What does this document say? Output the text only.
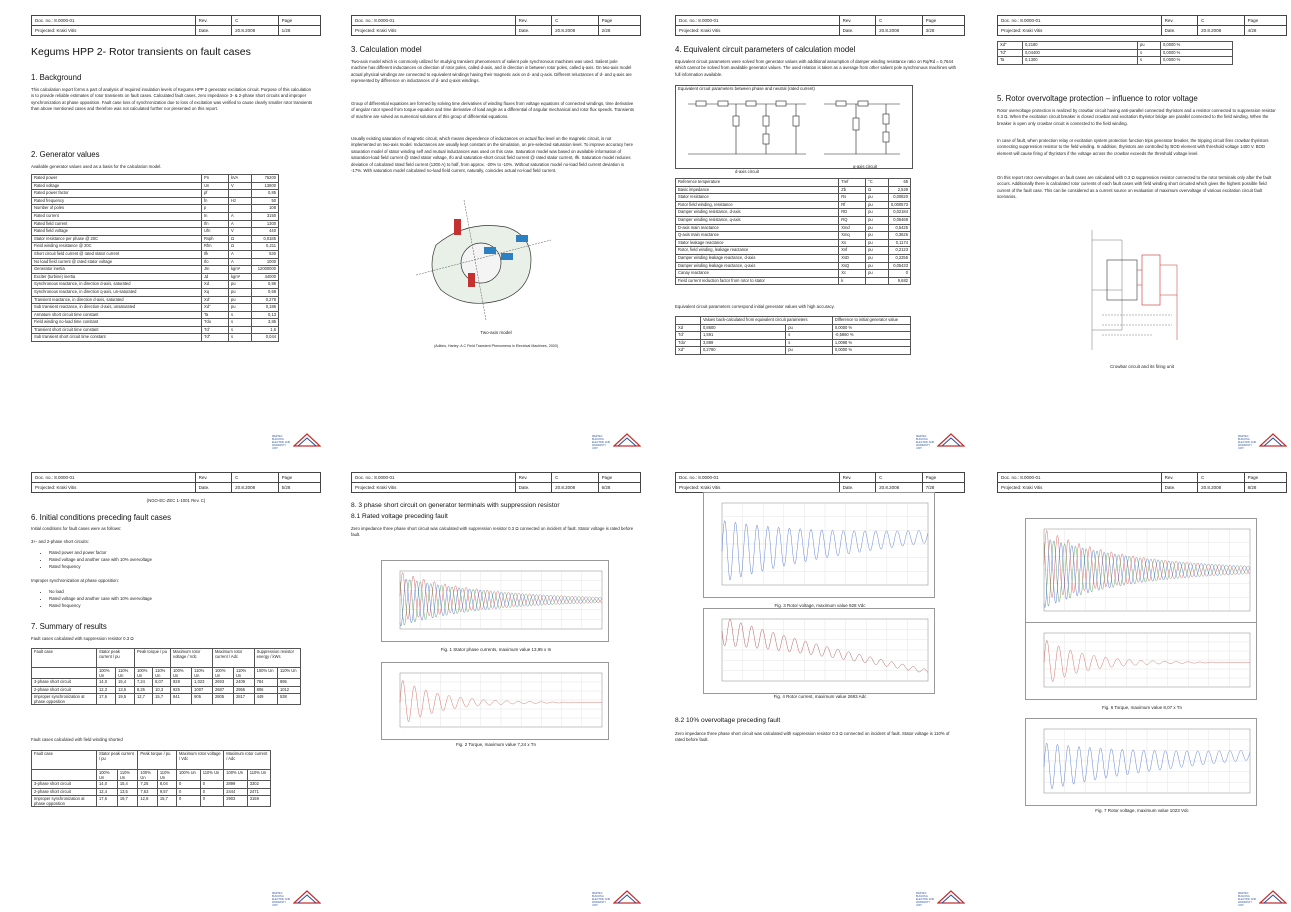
Doc. no.: 8.0000-01	Rev.	C	Page
Projected: Kraki Vitis	Date.	20.8.2008	1/28
Kegums HPP 2- Rotor transients on fault cases
1. Background

This calculation report forms a part of analysis of required insulation levels of Kegums HPP 2 generator excitation circuit. Purpose of this calculation is to provide reliable estimates of rotor transients on fault cases. Calculated fault cases, zero impedance 3- & 2-phase short circuits and improper synchronization at phase opposition. Fault case loss of synchronization due to loss of excitation was verified to cause clearly smaller rotor transients than above mentioned cases and therefore was not calculated further nor presented on this report.

2. Generator values

Available generator values used as a basis for the calculation model.

Rated power	Pn	kVA	75200
Rated voltage	Un	V	13800
Rated power factor	pf		0,85
Rated frequency	fn	Hz	50
Number of poles	p		108
Rated current	In	A	3150
Rated field current	Ifn	A	1300
Rated field voltage	Ufn	V	440
Stator resistance per phase @ 20C	Rsph	Ω	0,0185
Field winding resistance @ 20C	Rfm	Ω	0,211
Short circuit field current @ rated stator current	Ifk	A	530
No load field current @ rated stator voltage	Ifo	A	1000
Generator inertia	Jm	kgm²	12000000
Exciter (turbine) inertia	Jd	kgm²	44000
Synchronous reactance, in direction d-axis, saturated	Xd	pu	0,86
Synchronous reactance, in direction q-axis, un-saturated	Xq	pu	0,68
Transient reactance, in direction d-axis, saturated	Xd'	pu	0,278
Sub transient reactance, in direction d-axis, unsaturated	Xd"	pu	0,186
Armature short circuit time constant	Ta	s	0,13
Field winding no-load time constant	Tdo	s	3,85
Transient short circuit time constant	Td'	s	1,6
Sub transient short circuit time constant	Td"	s	0,044
MERTEC BUILDING ELECTRIC AND WARRANTY UNIT
Doc. no.: 8.0000-01	Rev.	C	Page
Projected: Kraki Vitis	Date.	20.8.2008	2/28
3. Calculation model

Two-axis model which is commonly utilized for studying transient phenomena's of salient pole synchronous machines was used. Salient pole machine has different inductances on direction of rotor poles, called d-axis, and in direction in between rotor poles, called q-axis. On two-axis model actual physical windings are connected to equivalent windings having their magnetic axis on d- and q-axis. Different reluctances of d- and q-axis are represented by difference on inductances of d- and q-axis windings.

Group of differential equations are formed by solving time derivatives of winding fluxes from voltage equations of connected windings, time derivative of angular rotor speed from torque equation and time derivative of load angle as a differential of angular mechanical and rotor flux speeds. Transients of machine are solved as numerical solutions of this group of differential equations.

Usually existing saturation of magnetic circuit, which means dependence of inductances on actual flux level on the magnetic circuit, is not implemented on two-axis model. Inductances are usually kept constant on the simulation, on pre-selected saturation level. To improve accuracy here saturation model of stator winding self and mutual inductances was used on this case. Saturation model was based on available information of saturation-load field current @ rated stator voltage, Ifo and saturation-short circuit field current @ rated stator current, Ifk. Saturation model reduces deviation of calculated rated field current (1300 A) to half, from approx. -20% to -10%. Without saturation model no-load field current deviation is -17%. With saturation model calculated no-load field current, naturally, coincides actual no-load field current.

Two-axis model
(Adkins, Harley: A C Field Transient Phenomena in Electrical Machines, 2003)
MERTEC BUILDING ELECTRIC AND WARRANTY UNIT
Doc. no.: 8.0000-01	Rev.	C	Page
Projected: Kraki Vitis	Date.	20.8.2008	3/28
4. Equivalent circuit parameters of calculation model

Equivalent circuit parameters were solved from generator values with additional assumption of damper winding resistance ratio on Rq/Rd = 0,7644 which cannot be solved from available generator values. The used relation is taken as a average from other salient pole synchronous machines with full information available.

Equivalent circuit parameters between phase and neutral (rated current)
d-axis circuit
q-axis circuit
Reference temperature	Tref	°C	65
Basic impedance	Zb	Ω	2,529
Stator resistance	Rs	pu	0,00820
Rotor field winding, resistance	Rf	pu	0,000573
Damper winding resistance, d-axis	RD	pu	0,02184
Damper winding resistance, q-axis	RQ	pu	0,05468
D-axis main reactance	Xmd	pu	0,5425
Q-axis main reactance	Xmq	pu	0,3626
Stator leakage reactance	Xs	pu	0,1174
Rotor, field winding, leakage reactance	Xsf	pu	0,2123
Damper winding leakage reactance, d-axis	XsD	pu	0,2255
Damper winding leakage reactance, q-axis	XsQ	pu	0,05433
Canay reactance	Xc	pu	0
Field current reduction factor from rotor to stator	k		9,682

Equivalent circuit parameters correspond initial generator values with high accuracy.

	Values back-calculated from equivalent circuit parameters		Difference to initial generator value
Xd	0,8600	pu	0,0000 %
Td'	1,591	s	-0,5860 %
Tdo'	3,889	s	1,0098 %
Xd"	0,2780	pu	0,0000 %
MERTEC BUILDING ELECTRIC AND WARRANTY UNIT
Doc. no.: 8.0000-01	Rev.	C	Page
Projected: Kraki Vitis	Date.	20.8.2008	4/28
Xd"	0,2180	pu	0,0000 %
Td"	0,04400	s	0,0000 %
Ta	0,1300	s	0,0000 %
5. Rotor overvoltage protection – influence to rotor voltage

Rotor overvoltage protection is realized by crowbar circuit having anti-parallel connected thyristors and a resistor connected to suppression resistor 0.3 Ω. When the excitation circuit breaker is closed crowbar and excitation thyristor bridge are parallel connected to the field winding. When the breaker is open only crowbar circuit is connected to the field winding.

In case of fault, when protection relay or excitation system protection function trips generator breaker, the tripping circuit fires crowbar thyristors connecting suppression resistor to the field winding. In addition, thyristors are controlled by BOD element with threshold voltage 1400 V. BOD element will cause firing of thyristors if the voltage across the crowbar exceeds the threshold voltage level.

On this report rotor overvoltages on fault cases are calculated with 0.3 Ω suppression resistor connected to the rotor terminals only after the fault occurs. Additionally there is calculated rotor currents of each fault cases with field winding short circuited which gives the highest possible field current of the fault case. This can be considered as a current source on evaluation of maximum overvoltage of various excitation circuit fault scenarios.

Crowbar circuit and its firing unit
MERTEC BUILDING ELECTRIC AND WARRANTY UNIT
Doc. no.: 8.0000-01	Rev.	C	Page
Projected: Kraki Vitis	Date.	20.8.2008	5/28
(NGO-EC-ZEC 1-1001 Rev. C)
6. Initial conditions preceding fault cases

Initial conditions for fault cases were as follows:

3+- and 2-phase short circuits:

• Rated power and power factor
• Rated voltage and another case with 10% overvoltage
• Rated frequency

Improper synchronization at phase opposition:

• No load
• Rated voltage and another case with 10% overvoltage
• Rated frequency
7. Summary of results

Fault cases calculated with suppression resistor 0.3 Ω

Fault case	Stator peak current / pu		Peak torque / pu		Maximum rotor voltage / Vdc		Maximum rotor current / Adc		Suppression resistor energy / kWs	
	100% Un	110% Un	100% Un	110% Un	100% Un	110% Un	100% Un	110% Un	100% Un	110% Un
3-phase short circuit	14,0	15,4	7,24	8,07	928	1,023	2693	2409	784	895
2-phase short circuit	12,3	13,5	8,25	10,3	925	1007	2687	2955	806	1012
Improper synchronization at phase opposition	17,6	19,5	12,7	15,7	841	905	2805	2817	449	538

Fault cases calculated with field winding shorted

Fault case	Stator peak current / pu		Peak torque / pu		Maximum rotor voltage / Vdc		Maximum rotor current / Adc	
	100% Un	110% Un	100% Un	110% Un	100% Un	110% Un	100% Un	110% Un
3-phase short circuit	14,0	15,4	7,25	8,04	0	0	2899	3302
2-phase short circuit	12,4	13,5	7,63	9,57	0	0	2444	2471
Improper synchronization at phase opposition	17,6	19,7	12,8	15,7	0	0	2903	3159
MERTEC BUILDING ELECTRIC AND WARRANTY UNIT
Doc. no.: 8.0000-01	Rev.	C	Page
Projected: Kraki Vitis	Date.	20.8.2008	6/28
8. 3 phase short circuit on generator terminals with suppression resistor
8.1 Rated voltage preceding fault

Zero impedance three phase short circuit was calculated with suppression resistor 0.3 Ω connected on incident of fault. Stator voltage is rated before fault.

Fig. 1 Stator phase currents, maximum value 13,95 x In
Fig. 2 Torque, maximum value 7,24 x Tn
MERTEC BUILDING ELECTRIC AND WARRANTY UNIT
Doc. no.: 8.0000-01	Rev.	C	Page
Projected: Kraki Vitis	Date.	20.8.2008	7/28
Fig. 3 Rotor voltage, maximum value 928 Vdc
Fig. 4 Rotor current, maximum value 2693 Adc
8.2 10% overvoltage preceding fault

Zero impedance three phase short circuit was calculated with suppression resistor 0.3 Ω connected on incident of fault. Stator voltage is 110% of rated before fault.

MERTEC BUILDING ELECTRIC AND WARRANTY UNIT
Doc. no.: 8.0000-01	Rev.	C	Page
Projected: Kraki Vitis	Date.	20.8.2008	8/28
Fig. 5 Stator phase currents, maximum value 15,4 x In
Fig. 6 Torque, maximum value 8,07 x Tn
Fig. 7 Rotor voltage, maximum value 1023 Vdc
MERTEC BUILDING ELECTRIC AND WARRANTY UNIT
